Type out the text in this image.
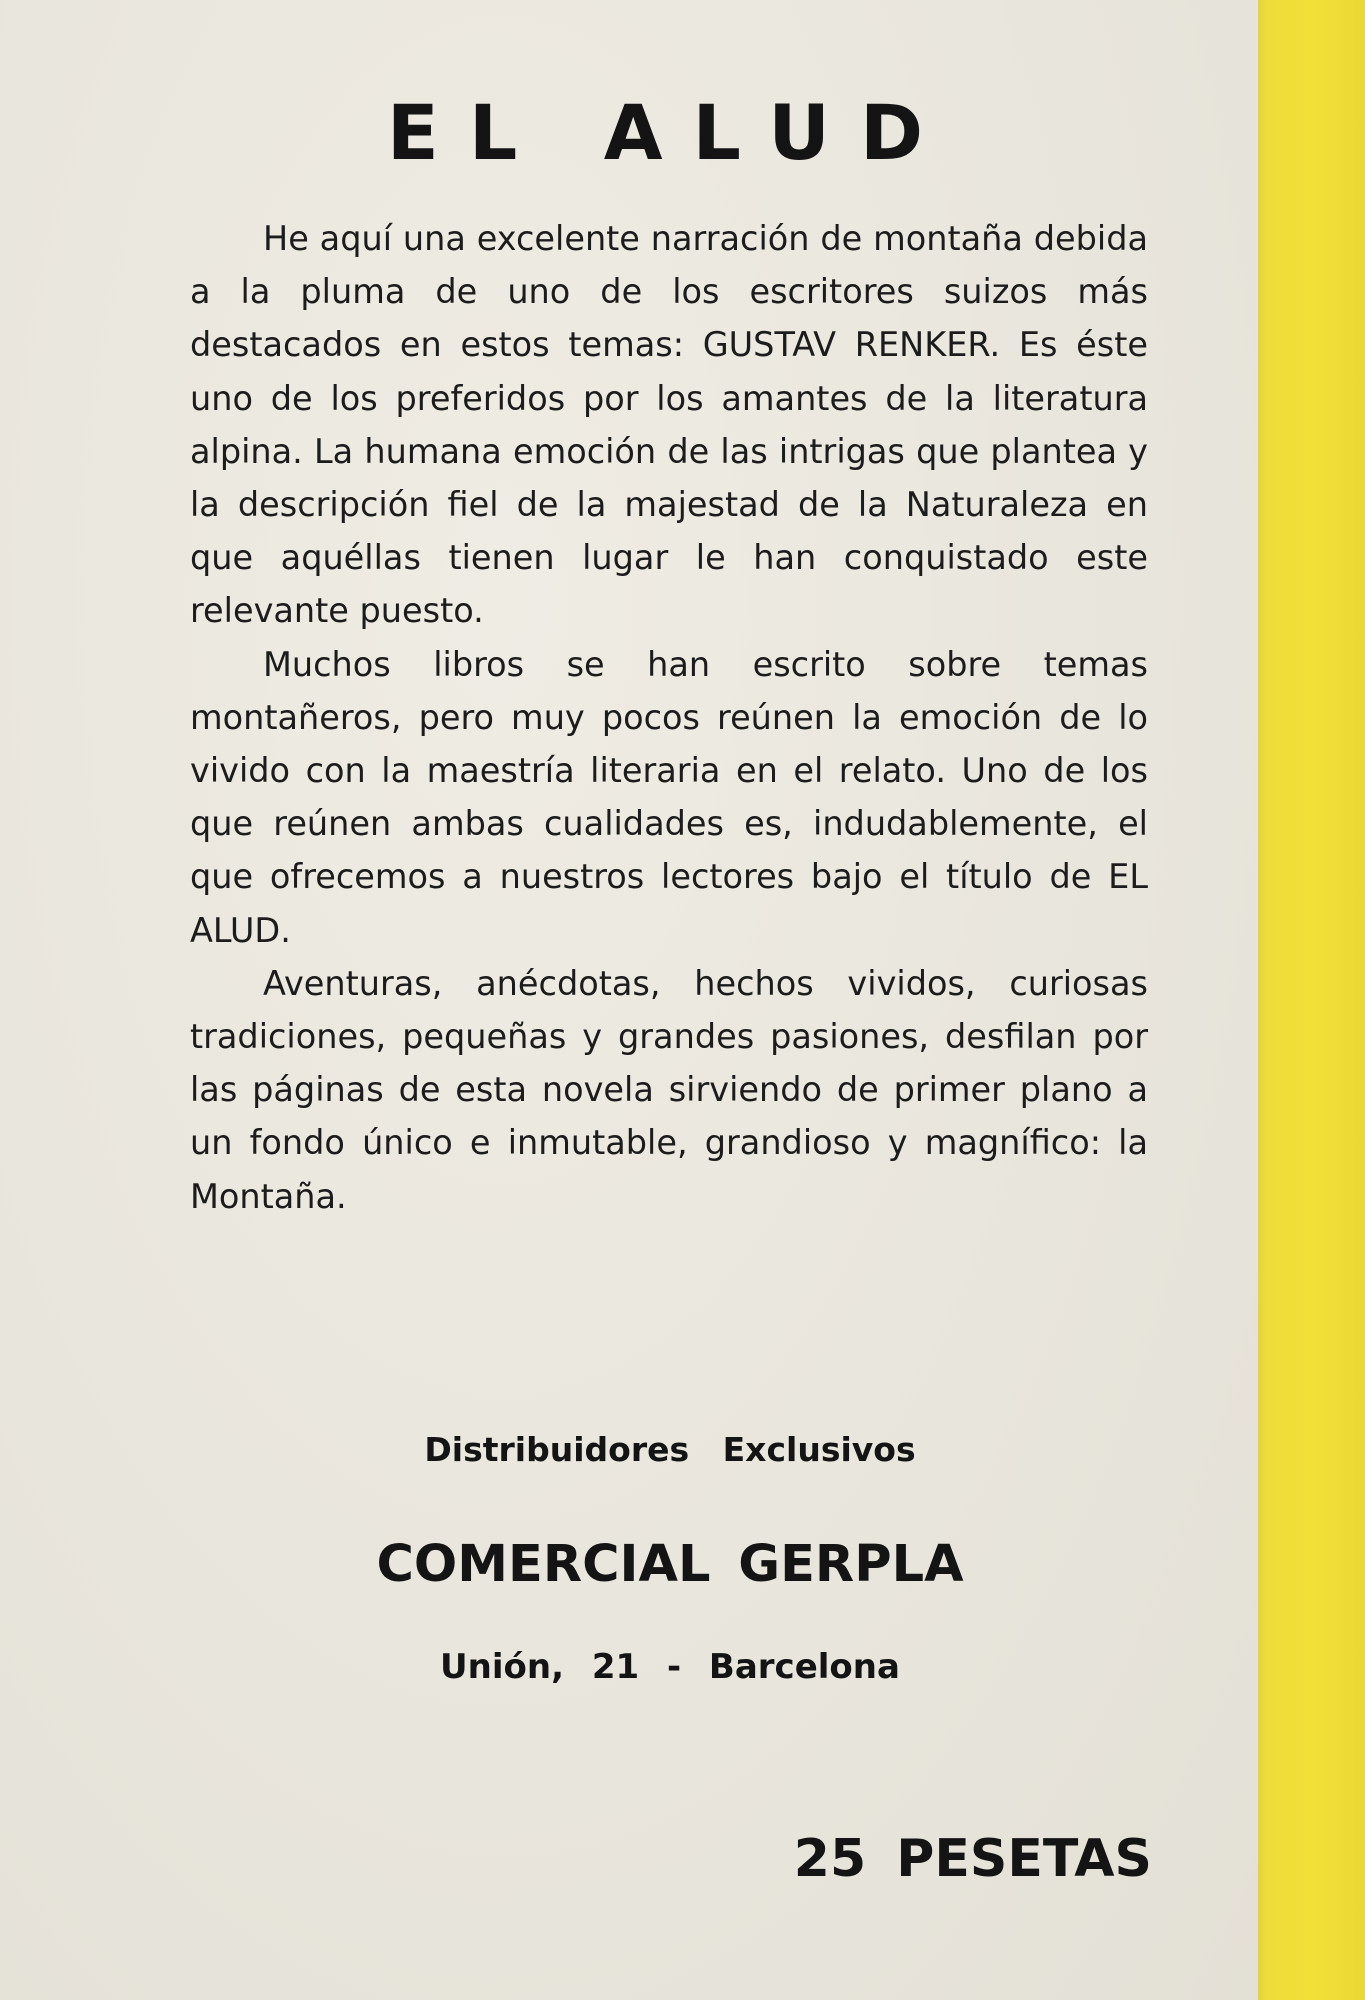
EL ALUD

He aquí una excelente narración de montaña debida a la pluma de uno de los escritores suizos más destacados en estos temas: GUSTAV RENKER. Es éste uno de los preferidos por los amantes de la literatura alpina. La humana emoción de las intrigas que plantea y la descripción fiel de la majestad de la Naturaleza en que aquéllas tienen lugar le han conquistado este relevante puesto.

Muchos libros se han escrito sobre temas montañeros, pero muy pocos reúnen la emoción de lo vivido con la maestría literaria en el relato. Uno de los que reúnen ambas cualidades es, indudablemente, el que ofrecemos a nuestros lectores bajo el título de EL ALUD.

Aventuras, anécdotas, hechos vividos, curiosas tradiciones, pequeñas y grandes pasiones, desfilan por las páginas de esta novela sirviendo de primer plano a un fondo único e inmutable, grandioso y magnífico: la Montaña.

Distribuidores Exclusivos
COMERCIAL GERPLA
Unión, 21 - Barcelona
25 PESETAS
